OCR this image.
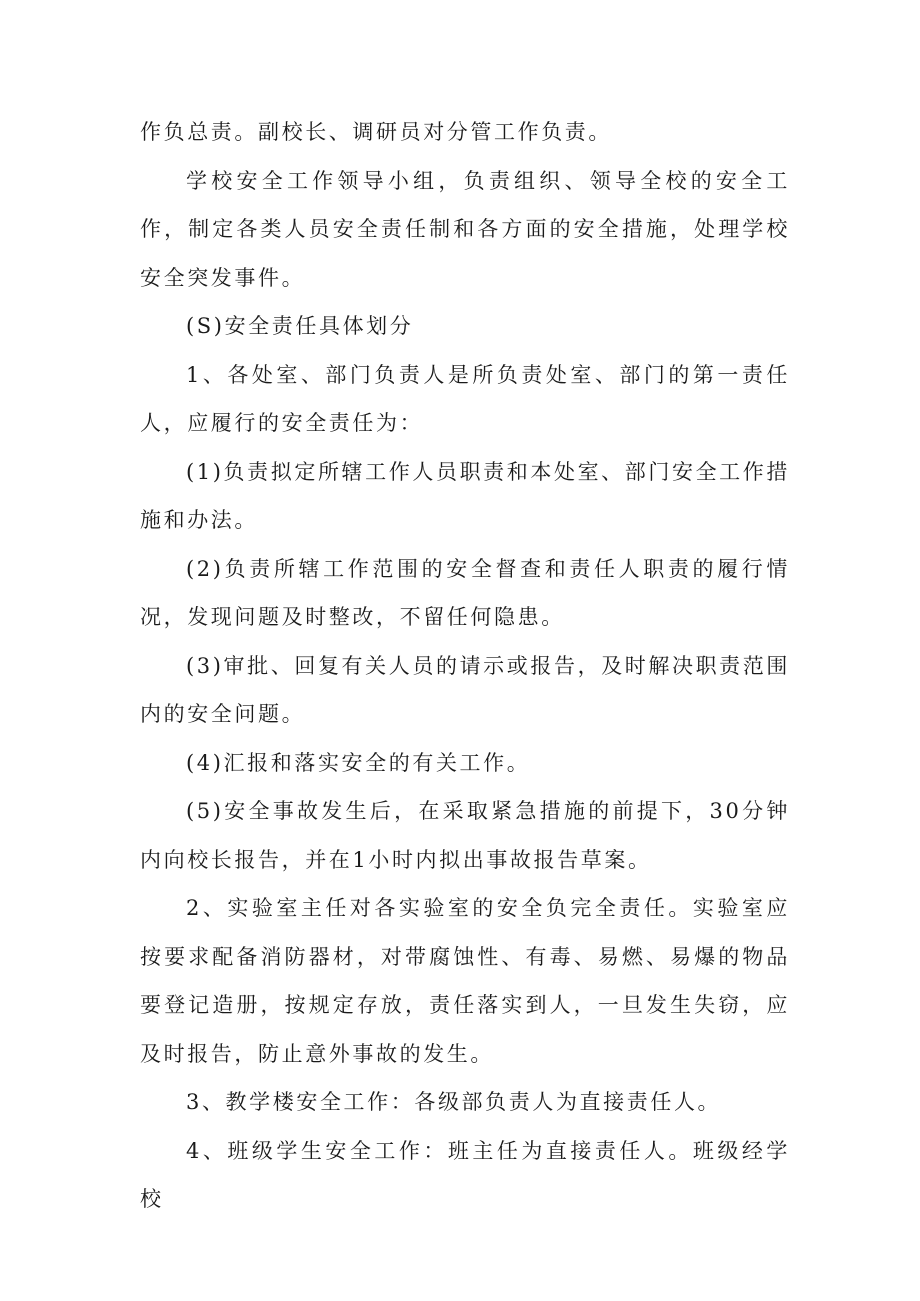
作负总责。副校长、调研员对分管工作负责。

学校安全工作领导小组，负责组织、领导全校的安全工作，制定各类人员安全责任制和各方面的安全措施，处理学校安全突发事件。

(S)安全责任具体划分

1、各处室、部门负责人是所负责处室、部门的第一责任人，应履行的安全责任为：

(1)负责拟定所辖工作人员职责和本处室、部门安全工作措施和办法。

(2)负责所辖工作范围的安全督查和责任人职责的履行情况，发现问题及时整改，不留任何隐患。

(3)审批、回复有关人员的请示或报告，及时解决职责范围内的安全问题。

(4)汇报和落实安全的有关工作。

(5)安全事故发生后，在采取紧急措施的前提下，30分钟内向校长报告，并在1小时内拟出事故报告草案。

2、实验室主任对各实验室的安全负完全责任。实验室应按要求配备消防器材，对带腐蚀性、有毒、易燃、易爆的物品要登记造册，按规定存放，责任落实到人，一旦发生失窃，应及时报告，防止意外事故的发生。

3、教学楼安全工作：各级部负责人为直接责任人。

4、班级学生安全工作：班主任为直接责任人。班级经学校
